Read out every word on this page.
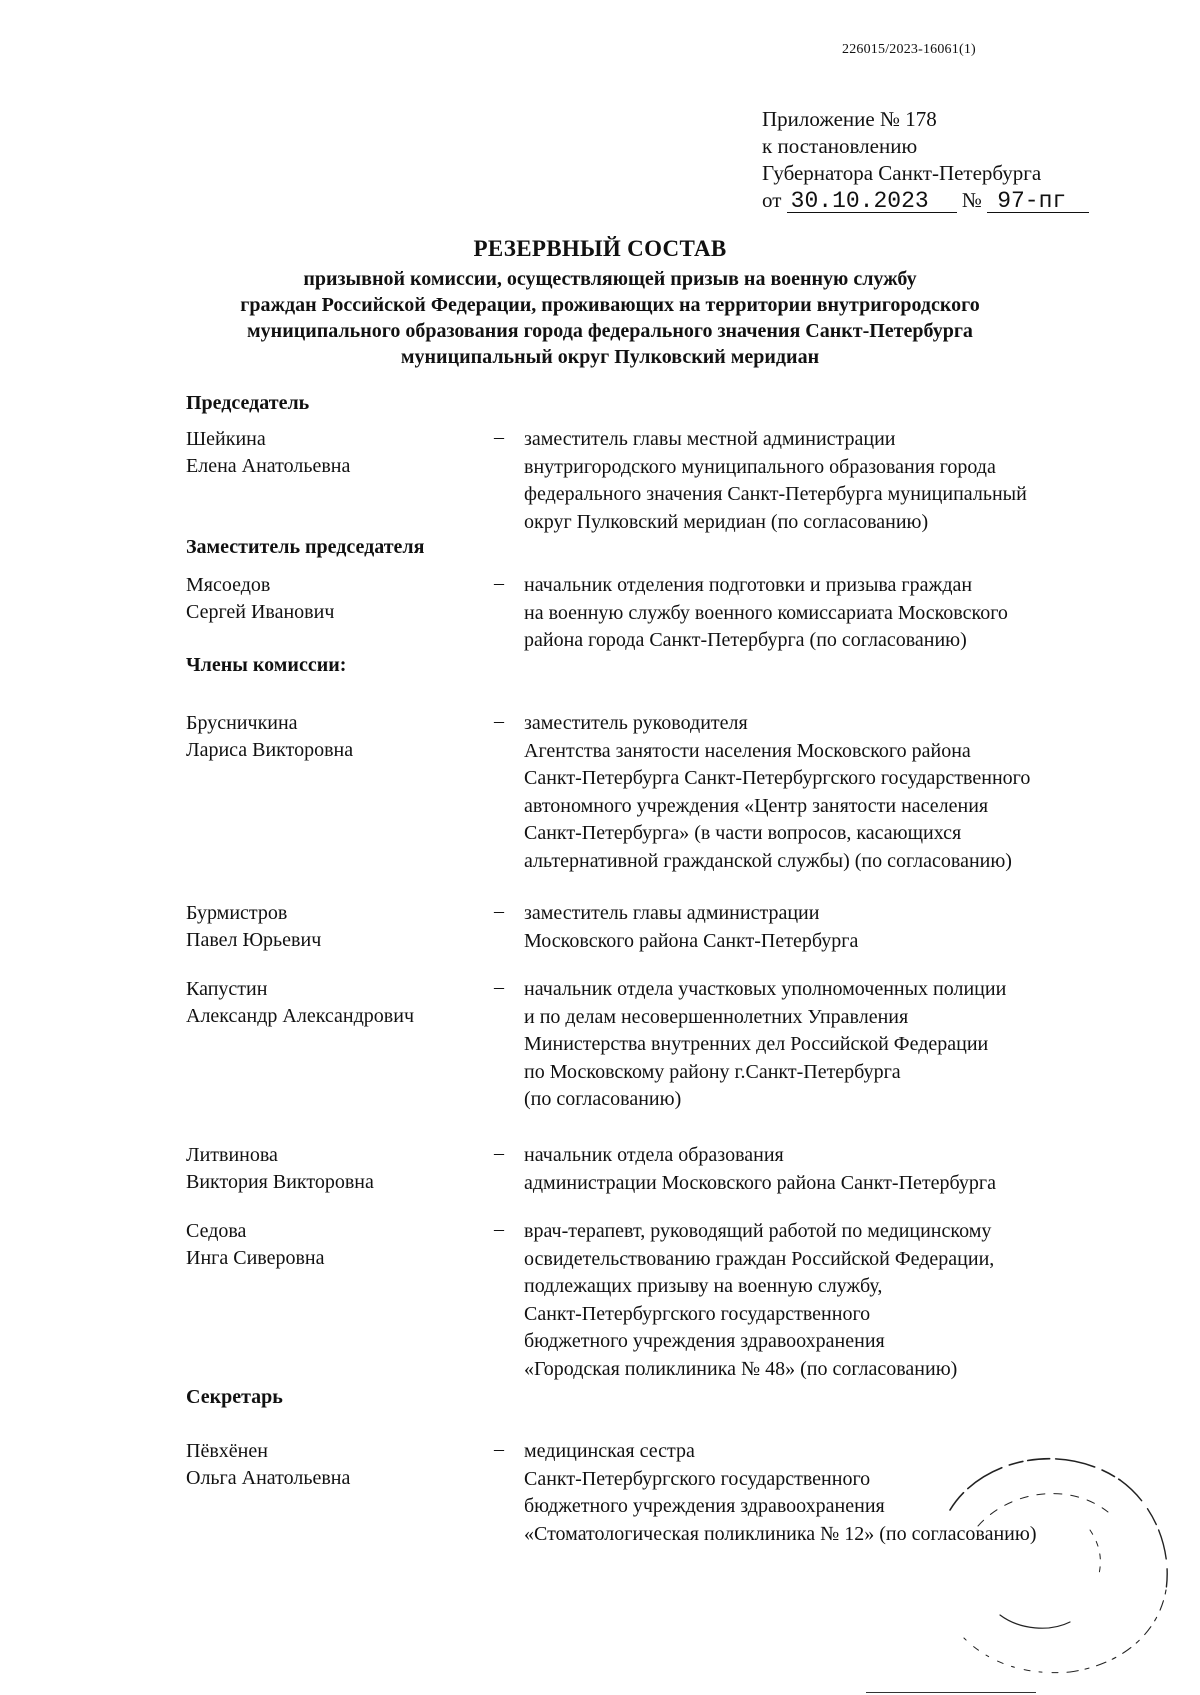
226015/2023-16061(1)
Приложение № 178
к постановлению
Губернатора Санкт-Петербурга
от 30.10.2023 № 97-пг
РЕЗЕРВНЫЙ СОСТАВ
призывной комиссии, осуществляющей призыв на военную службу
граждан Российской Федерации, проживающих на территории внутригородского
муниципального образования города федерального значения Санкт-Петербурга
муниципальный округ Пулковский меридиан
Председатель
Шейкина
Елена Анатольевна
– заместитель главы местной администрации
внутригородского муниципального образования города
федерального значения Санкт-Петербурга муниципальный
округ Пулковский меридиан (по согласованию)
Заместитель председателя
Мясоедов
Сергей Иванович
– начальник отделения подготовки и призыва граждан
на военную службу военного комиссариата Московского
района города Санкт-Петербурга (по согласованию)
Члены комиссии:
Брусничкина
Лариса Викторовна
– заместитель руководителя
Агентства занятости населения Московского района
Санкт-Петербурга Санкт-Петербургского государственного
автономного учреждения «Центр занятости населения
Санкт-Петербурга» (в части вопросов, касающихся
альтернативной гражданской службы) (по согласованию)
Бурмистров
Павел Юрьевич
– заместитель главы администрации
Московского района Санкт-Петербурга
Капустин
Александр Александрович
– начальник отдела участковых уполномоченных полиции
и по делам несовершеннолетних Управления
Министерства внутренних дел Российской Федерации
по Московскому району г.Санкт-Петербурга
(по согласованию)
Литвинова
Виктория Викторовна
– начальник отдела образования
администрации Московского района Санкт-Петербурга
Седова
Инга Сиверовна
– врач-терапевт, руководящий работой по медицинскому
освидетельствованию граждан Российской Федерации,
подлежащих призыву на военную службу,
Санкт-Петербургского государственного
бюджетного учреждения здравоохранения
«Городская поликлиника № 48» (по согласованию)
Секретарь
Пёвхёнен
Ольга Анатольевна
– медицинская сестра
Санкт-Петербургского государственного
бюджетного учреждения здравоохранения
«Стоматологическая поликлиника № 12» (по согласованию)
